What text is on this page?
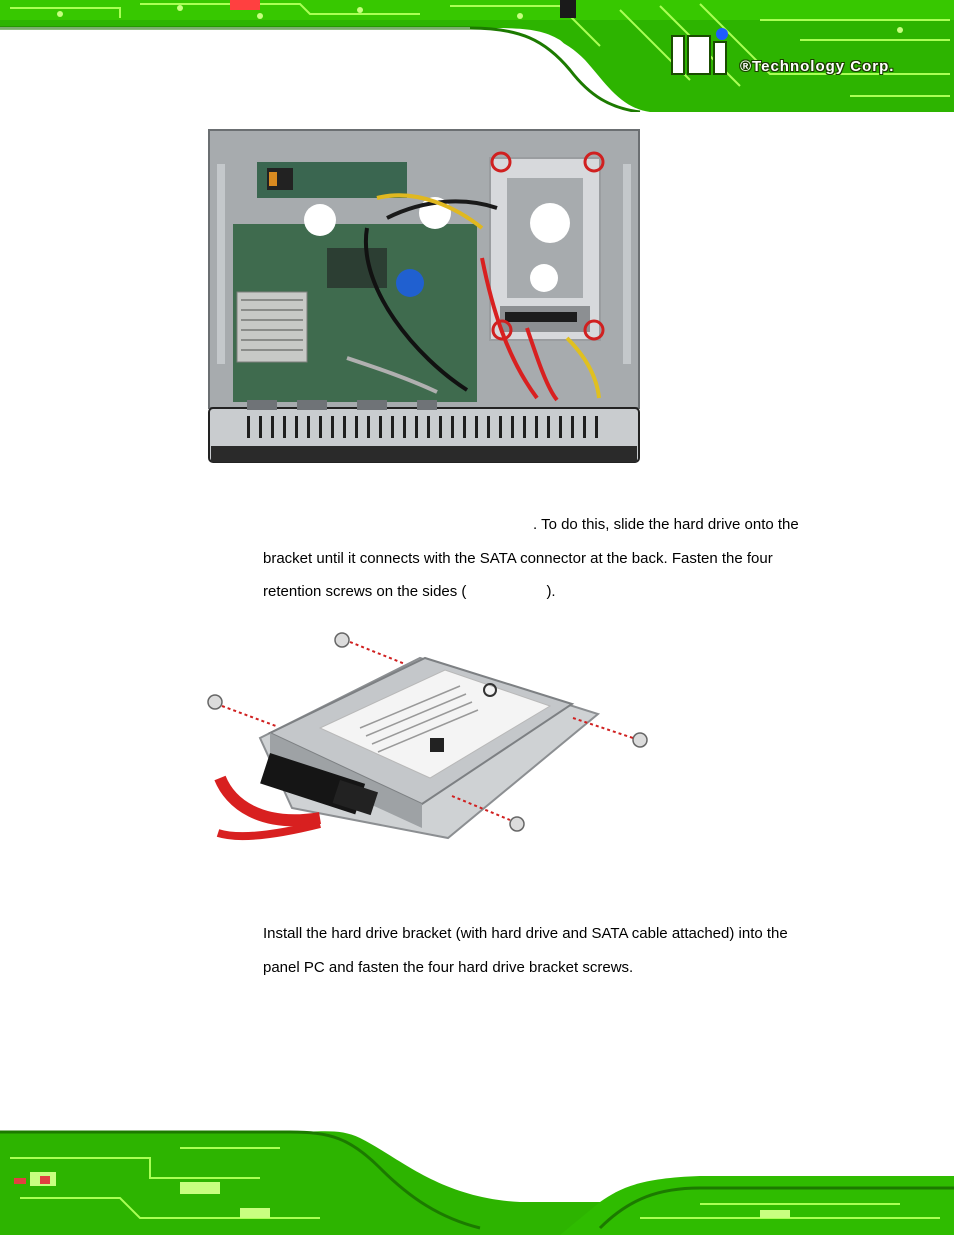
®Technology Corp.
. To do this, slide the hard drive onto the
bracket until it connects with the SATA connector at the back. Fasten the four
retention screws on the sides (	).
Install the hard drive bracket (with hard drive and SATA cable attached) into the
panel PC and fasten the four hard drive bracket screws.
